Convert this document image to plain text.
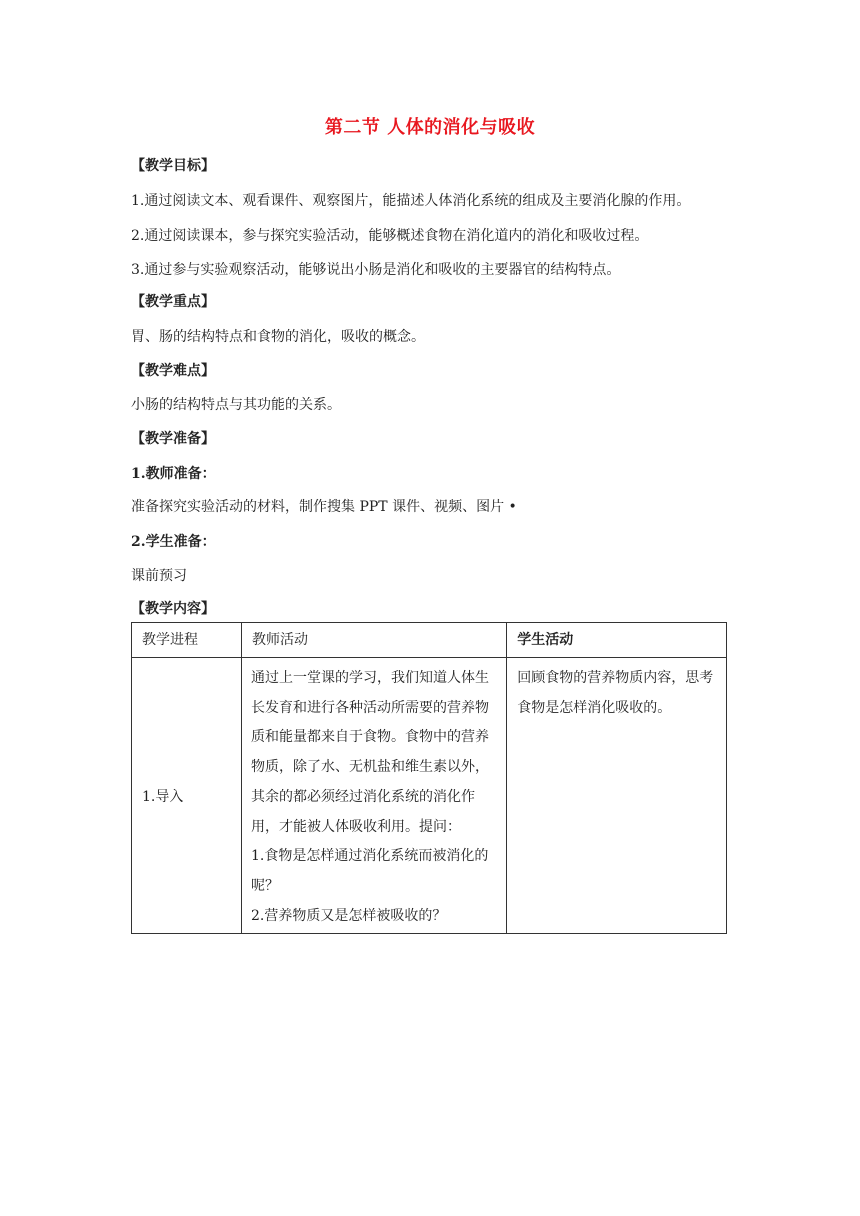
第二节 人体的消化与吸收
【教学目标】
1.通过阅读文本、观看课件、观察图片，能描述人体消化系统的组成及主要消化腺的作用。
2.通过阅读课本，参与探究实验活动，能够概述食物在消化道内的消化和吸收过程。
3.通过参与实验观察活动，能够说出小肠是消化和吸收的主要器官的结构特点。
【教学重点】
胃、肠的结构特点和食物的消化，吸收的概念。
【教学难点】
小肠的结构特点与其功能的关系。
【教学准备】
1.教师准备：
准备探究实验活动的材料，制作搜集 PPT 课件、视频、图片 •
2.学生准备：
课前预习
【教学内容】
教学进程	教师活动	学生活动
1.导入	通过上一堂课的学习，我们知道人体生长发育和进行各种活动所需要的营养物质和能量都来自于食物。食物中的营养物质，除了水、无机盐和维生素以外，其余的都必须经过消化系统的消化作用，才能被人体吸收利用。提问：
1.食物是怎样通过消化系统而被消化的呢？
2.营养物质又是怎样被吸收的？	回顾食物的营养物质内容，思考食物是怎样消化吸收的。
